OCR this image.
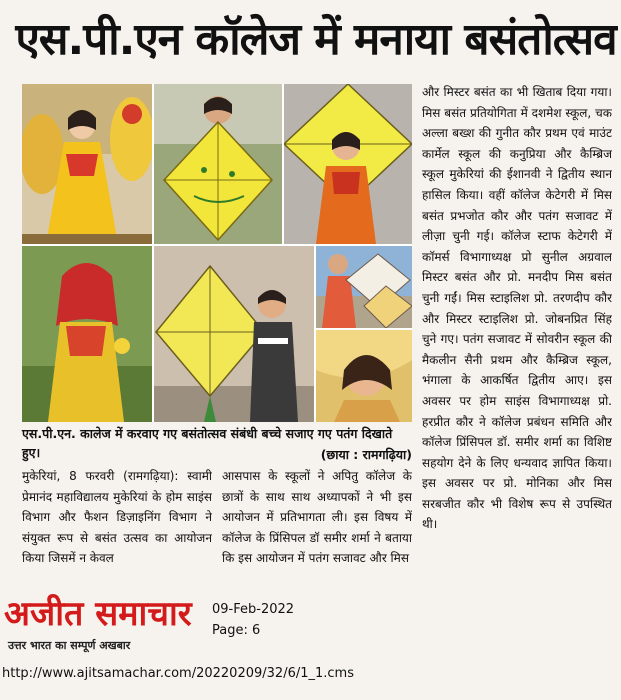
एस.पी.एन कॉलेज में मनाया बसंतोत्सव
एस.पी.एन. कालेज में करवाए गए बसंतोत्सव संबंधी बच्चे सजाए गए पतंग दिखाते हुए।	(छाया : रामगढ़िया)
मुकेरियां, 8 फरवरी (रामगढ़िया): स्वामी प्रेमानंद महाविद्यालय मुकेरियां के होम साइंस विभाग और फैशन डिज़ाइनिंग विभाग ने संयुक्त रूप से बसंत उत्सव का आयोजन किया जिसमें न केवल
आसपास के स्कूलों ने अपितु कॉलेज के छात्रों के साथ साथ अध्यापकों ने भी इस आयोजन में प्रतिभागता ली। इस विषय में कॉलेज के प्रिंसिपल डॉ समीर शर्मा ने बताया कि इस आयोजन में पतंग सजावट और मिस
और मिस्टर बसंत का भी खिताब दिया गया। मिस बसंत प्रतियोगिता में दशमेश स्कूल, चक अल्ला बख्श की गुनीत कौर प्रथम एवं माउंट कार्मेल स्कूल की कनुप्रिया और कैम्ब्रिज स्कूल मुकेरियां की ईशानवी ने द्वितीय स्थान हासिल किया। वहीं कॉलेज केटेगरी में मिस बसंत प्रभजोत कौर और पतंग सजावट में लीज़ा चुनी गई। कॉलेज स्टाफ केटेगरी में कॉमर्स विभागाध्यक्ष प्रो सुनील अग्रवाल मिस्टर बसंत और प्रो. मनदीप मिस बसंत चुनी गईं। मिस स्टाइलिश प्रो. तरणदीप कौर और मिस्टर स्टाइलिश प्रो. जोबनप्रित सिंह चुने गए। पतंग सजावट में सोवरीन स्कूल की मैकलीन सैनी प्रथम और कैम्ब्रिज स्कूल, भंगाला के आकर्षित द्वितीय आए। इस अवसर पर होम साइंस विभागाध्यक्ष प्रो. हरप्रीत कौर ने कॉलेज प्रबंधन समिति और कॉलेज प्रिंसिपल डॉ. समीर शर्मा का विशिष्ट सहयोग देने के लिए धन्यवाद ज्ञापित किया। इस अवसर पर प्रो. मोनिका और मिस सरबजीत कौर भी विशेष रूप से उपस्थित थी।
अजीत समाचार
उत्तर भारत का सम्पूर्ण अखबार
09-Feb-2022
Page: 6
http://www.ajitsamachar.com/20220209/32/6/1_1.cms
